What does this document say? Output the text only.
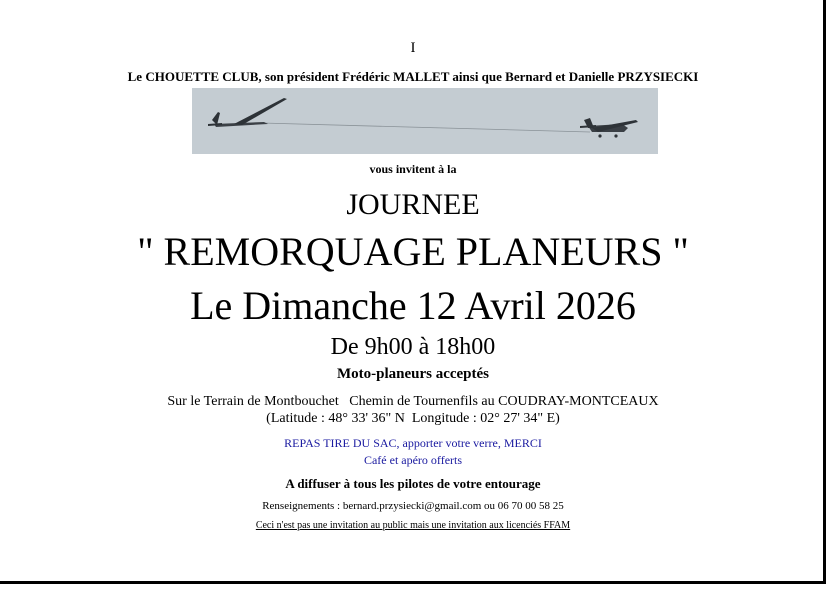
I
Le CHOUETTE CLUB, son président Frédéric MALLET ainsi que Bernard et Danielle PRZYSIECKI
vous invitent à la
JOURNEE
" REMORQUAGE PLANEURS "
Le Dimanche 12 Avril 2026
De 9h00 à 18h00
Moto-planeurs acceptés
Sur le Terrain de Montbouchet   Chemin de Tournenfils au COUDRAY-MONTCEAUX
(Latitude : 48° 33' 36" N  Longitude : 02° 27' 34" E)
REPAS TIRE DU SAC, apporter votre verre, MERCI
Café et apéro offerts
A diffuser à tous les pilotes de votre entourage
Renseignements : bernard.przysiecki@gmail.com ou 06 70 00 58 25
Ceci n'est pas une invitation au public mais une invitation aux licenciés FFAM
